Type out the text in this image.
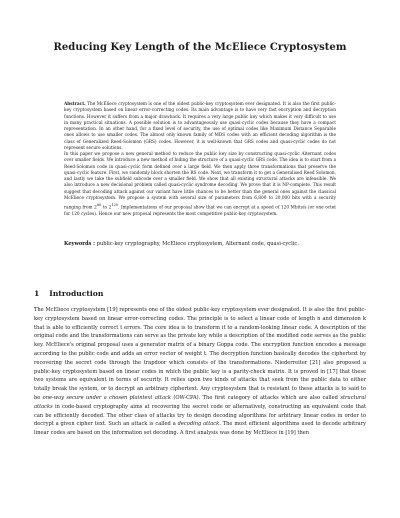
Reducing Key Length of the McEliece Cryptosystem

Abstract. The McEliece cryptosystem is one of the oldest public-key cryptosystem ever designated. It is also the first public-key cryptosystem based on linear error-correcting codes. Its main advantage is to have very fast encryption and decryption functions. However it suffers from a major drawback. It requires a very large public key which makes it very difficult to use in many practical situations. A possible solution is to advantageously use quasi-cyclic codes because they have a compact representation. In an other hand, for a fixed level of security, the use of optimal codes like Maximum Distance Separable ones allows to use smaller codes. The almost only known family of MDS codes with an efficient decoding algorithm is the class of Generalized Reed-Solomon (GRS) codes. However, it is well-known that GRS codes and quasi-cyclic codes do not represent secure solutions.

In this paper we propose a new general method to reduce the public key size by constructing quasi-cyclic Alternant codes over smaller fields. We introduce a new method of hiding the structure of a quasi-cyclic GRS code. The idea is to start from a Reed-Solomon code in quasi-cyclic form defined over a large field. We then apply three transformations that preserve the quasi-cyclic feature. First, we randomly block shorten the RS code. Next, we transform it to get a Generalised Reed Solomon, and lastly we take the subfield subcode over a smaller field. We show that all existing structural attacks are infeasible. We also introduce a new decisional problem called quasi-cyclic syndrome decoding. We prove that it is NP-complete. This result suggest that decoding attack against our variant have little chances to be better than the general ones against the classical McEliece cryptosystem. We propose a system with several size of parameters from 6,800 to 20,000 bits with a security ranging from $2^{80}$ to $2^{120}$. Implementations of our proposal show that we can encrypt at a speed of 120 Mbits/s (or one octet for 120 cycles). Hence our new proposal represents the most competitive public-key cryptosystem.

Keywords : public-key cryptography, McEliece cryptosystem, Alternant code, quasi-cyclic.
1 Introduction

The McEliece cryptosystem [19] represents one of the oldest public-key cryptosystem ever designated. It is also the first public-key cryptosystem based on linear error-correcting codes. The principle is to select a linear code of length n and dimension k that is able to efficiently correct t errors. The core idea is to transform it to a random-looking linear code. A description of the original code and the transformations can serve as the private key while a description of the modified code serves as the public key. McEliece's original proposal uses a generator matrix of a binary Goppa code. The encryption function encodes a message according to the public code and adds an error vector of weight t. The decryption function basically decodes the ciphertext by recovering the secret code through the trapdoor which consists of the transformations. Niederreiter [21] also proposed a public-key cryptosystem based on linear codes in which the public key is a parity-check matrix. It is proved in [17] that these two systems are equivalent in terms of security. It relies upon two kinds of attacks that seek from the public data to either totally break the system, or to decrypt an arbitrary ciphertext. Any cryptosystem that is resistant to these attacks is to said to be one-way secure under a chosen plaintext attack (OW-CPA). The first category of attacks which are also called structural attacks in code-based cryptography aims at recovering the secret code or alternatively, constructing an equivalent code that can be efficiently decoded. The other class of attacks try to design decoding algorithms for arbitrary linear codes in order to decrypt a given cipher text. Such an attack is called a decoding attack. The most efficient algorithms used to decode arbitrary linear codes are based on the information set decoding. A first analysis was done by McEliece in [19] then
